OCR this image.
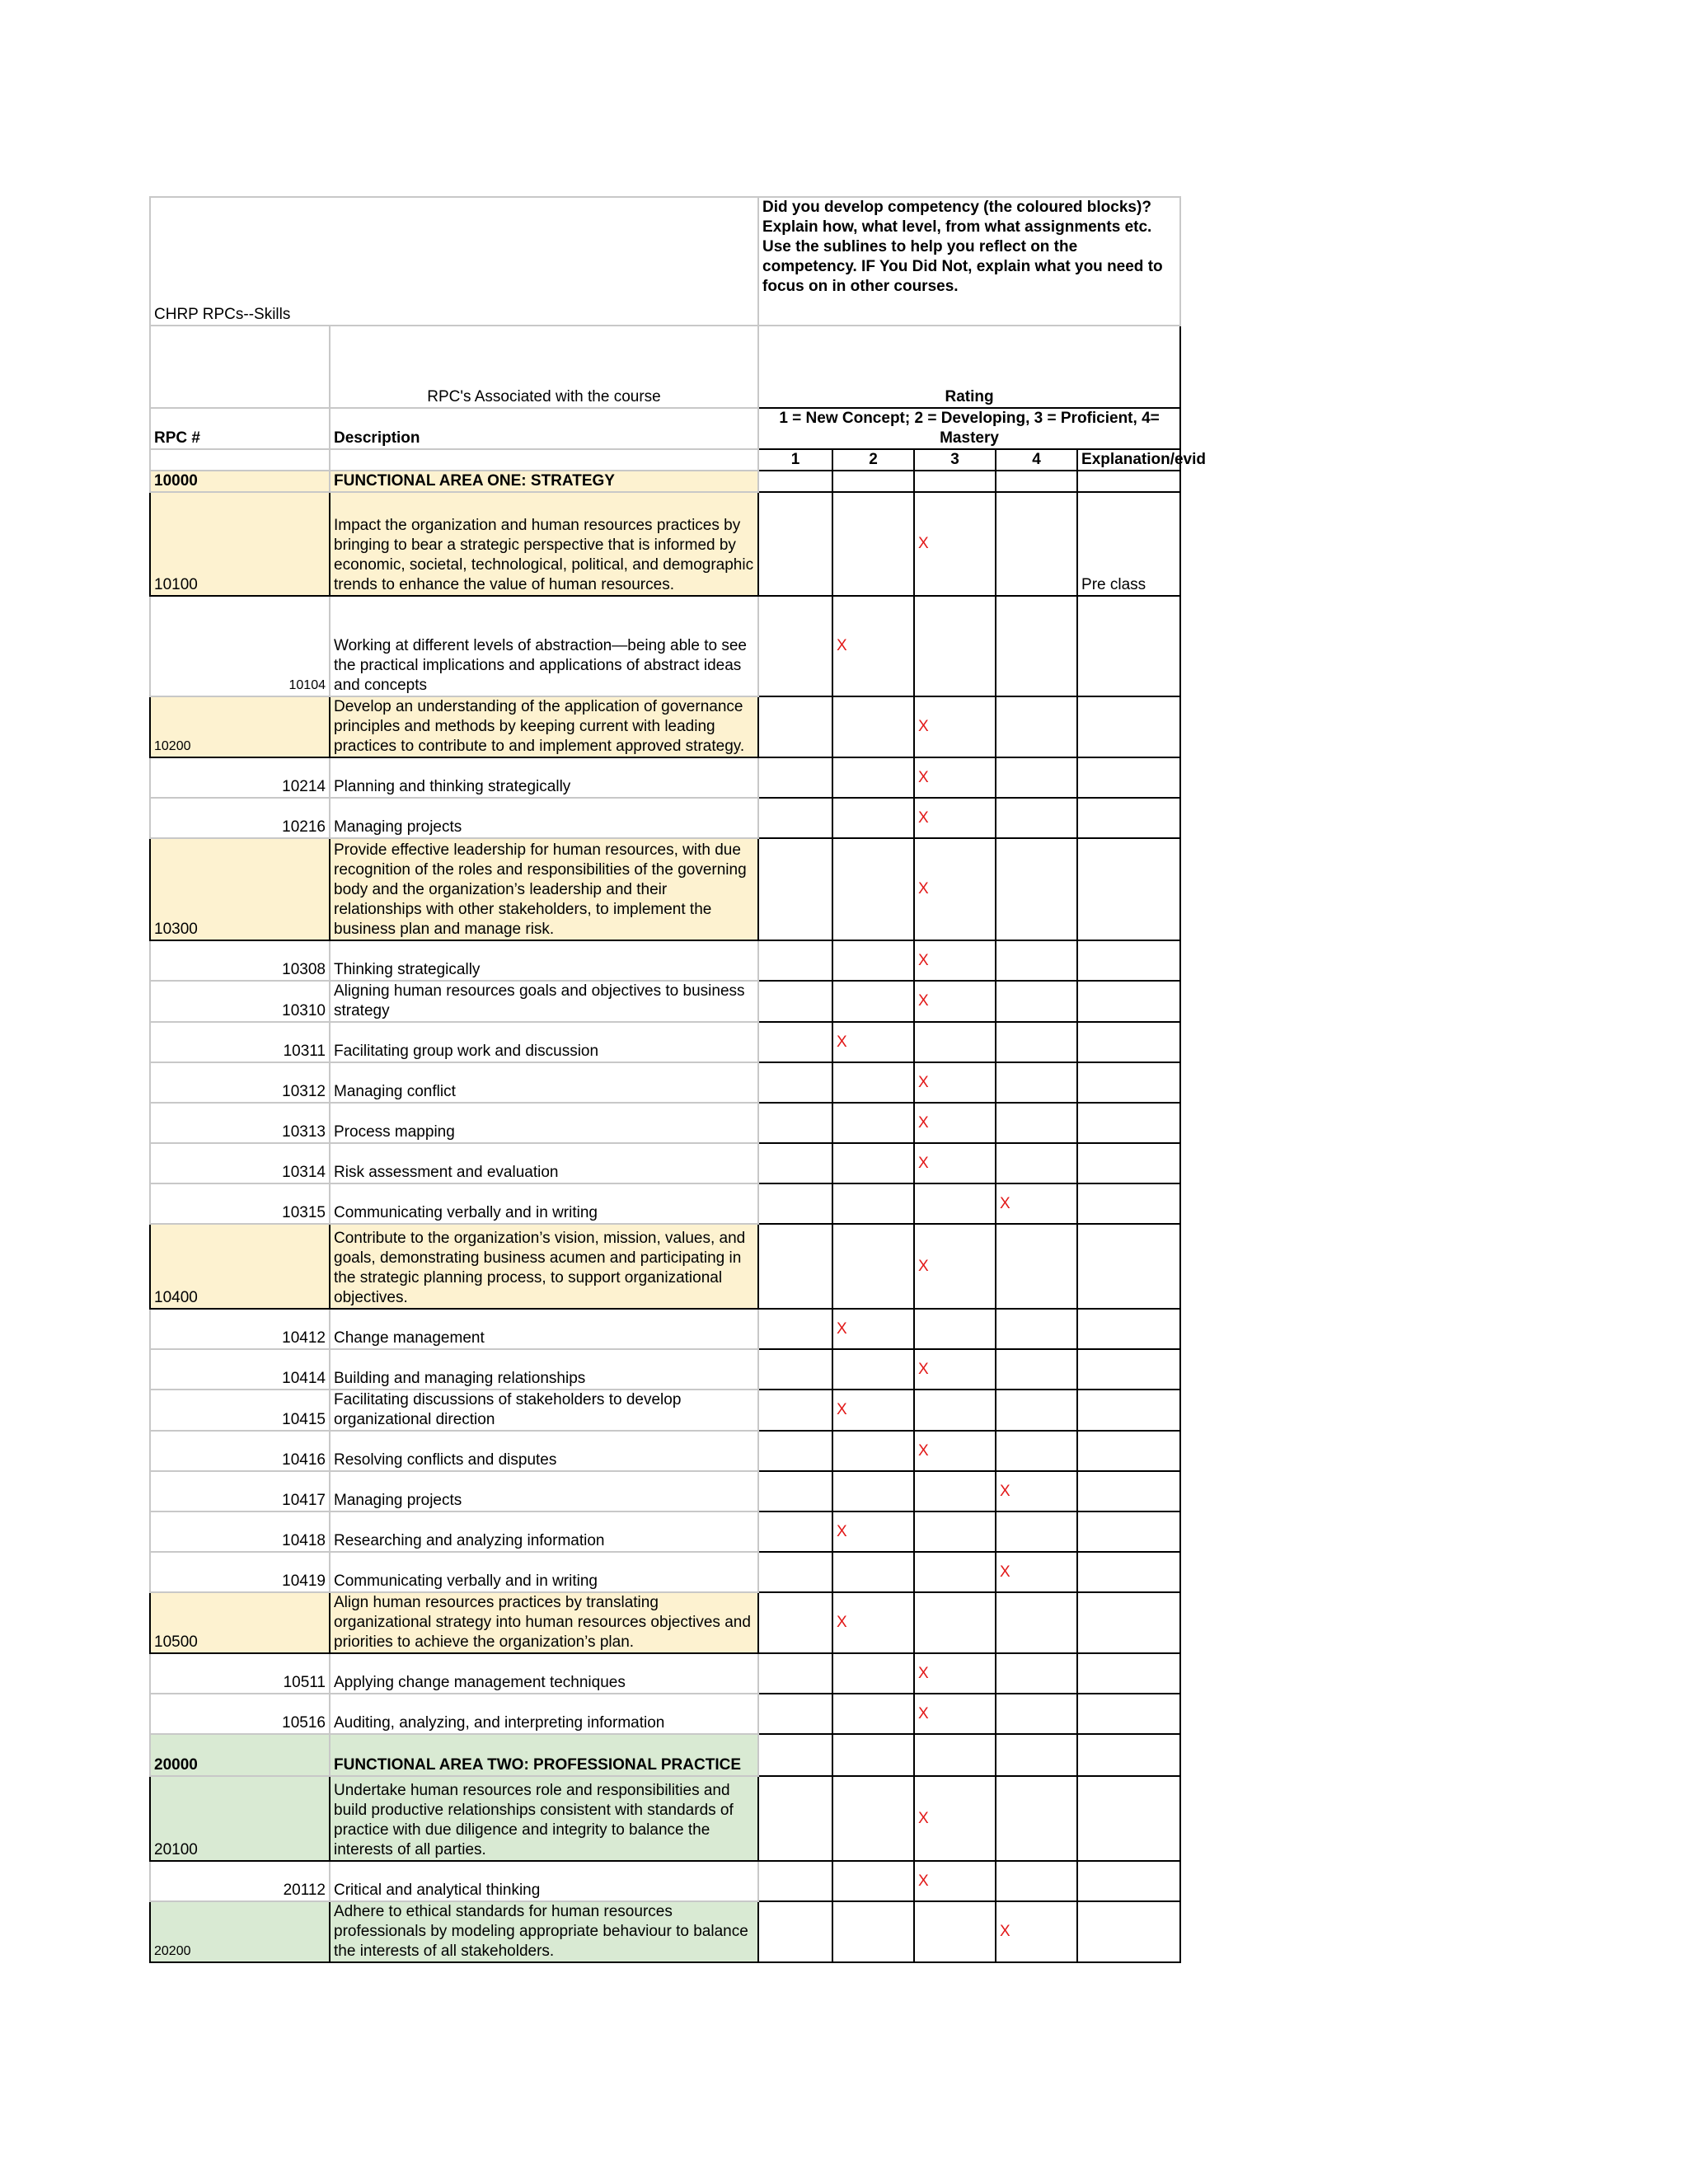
CHRP RPCs--Skills		Did you develop competency (the coloured blocks)? Explain how, what level, from what assignments etc. Use the sublines to help you reflect on the competency. IF You Did Not, explain what you need to focus on in other courses.				
	RPC's Associated with the course	Rating				
RPC #	Description	1 = New Concept; 2 = Developing, 3 = Proficient, 4= Mastery				
		1	2	3	4	Explanation/evid
10000	FUNCTIONAL AREA ONE: STRATEGY					
10100	Impact the organization and human resources practices by bringing to bear a strategic perspective that is informed by economic, societal, technological, political, and demographic trends to enhance the value of human resources.			X		Pre class
10104	Working at different levels of abstraction—being able to see the practical implications and applications of abstract ideas and concepts		X			
10200	Develop an understanding of the application of governance principles and methods by keeping current with leading practices to contribute to and implement approved strategy.			X		
10214	Planning and thinking strategically			X		
10216	Managing projects			X		
10300	Provide effective leadership for human resources, with due recognition of the roles and responsibilities of the governing body and the organization’s leadership and their relationships with other stakeholders, to implement the business plan and manage risk.			X		
10308	Thinking strategically			X		
10310	Aligning human resources goals and objectives to business strategy			X		
10311	Facilitating group work and discussion		X			
10312	Managing conflict			X		
10313	Process mapping			X		
10314	Risk assessment and evaluation			X		
10315	Communicating verbally and in writing				X	
10400	Contribute to the organization’s vision, mission, values, and goals, demonstrating business acumen and participating in the strategic planning process, to support organizational objectives.			X		
10412	Change management		X			
10414	Building and managing relationships			X		
10415	Facilitating discussions of stakeholders to develop organizational direction		X			
10416	Resolving conflicts and disputes			X		
10417	Managing projects				X	
10418	Researching and analyzing information		X			
10419	Communicating verbally and in writing				X	
10500	Align human resources practices by translating organizational strategy into human resources objectives and priorities to achieve the organization’s plan.		X			
10511	Applying change management techniques			X		
10516	Auditing, analyzing, and interpreting information			X		
20000	FUNCTIONAL AREA TWO: PROFESSIONAL PRACTICE					
20100	Undertake human resources role and responsibilities and build productive relationships consistent with standards of practice with due diligence and integrity to balance the interests of all parties.			X		
20112	Critical and analytical thinking			X		
20200	Adhere to ethical standards for human resources professionals by modeling appropriate behaviour to balance the interests of all stakeholders.				X	
